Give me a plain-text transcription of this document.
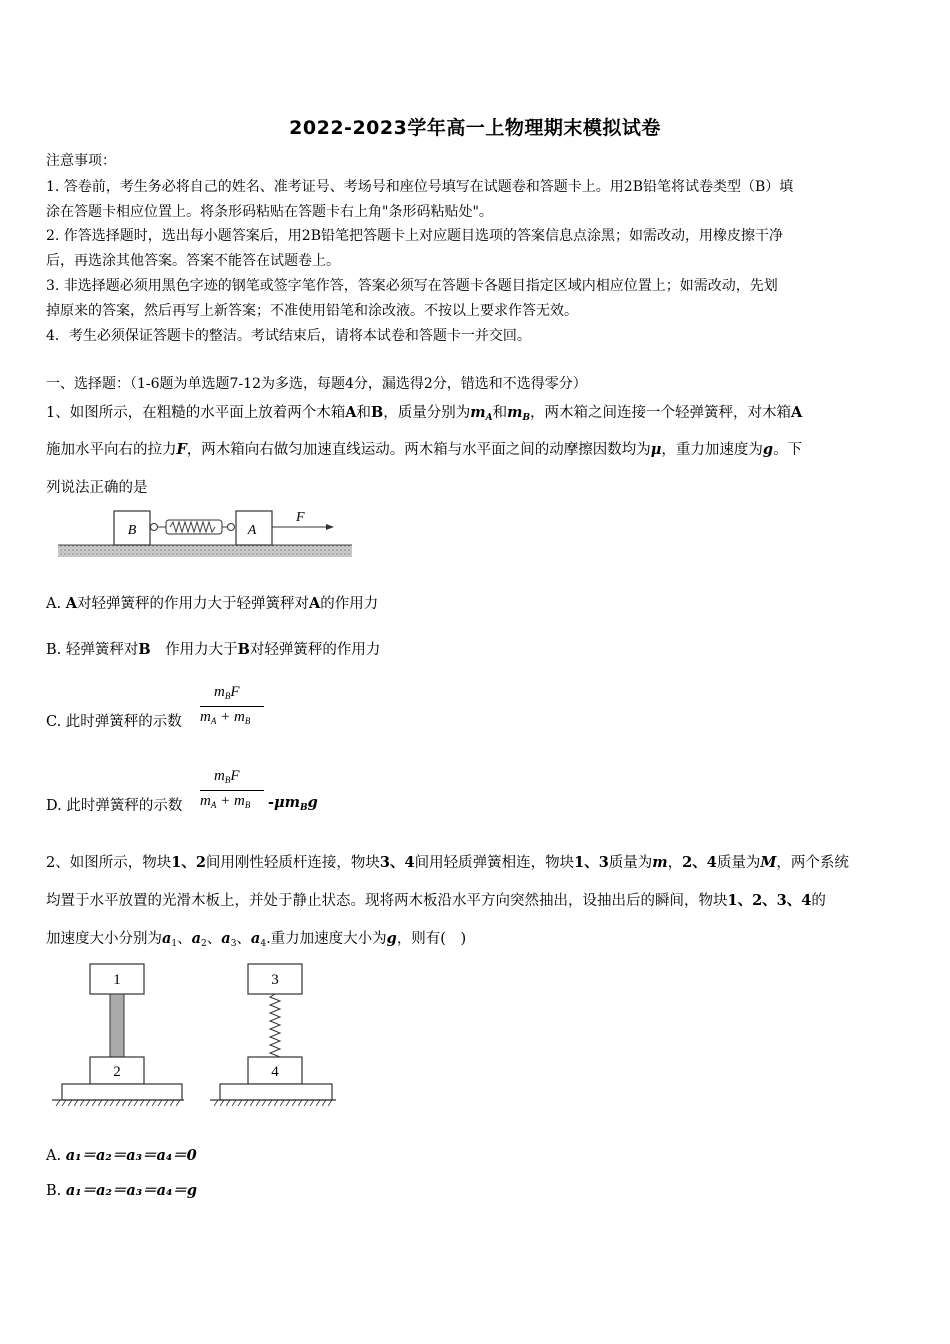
2022-2023学年高一上物理期末模拟试卷
注意事项：
1. 答卷前，考生务必将自己的姓名、准考证号、考场号和座位号填写在试题卷和答题卡上。用2B铅笔将试卷类型（B）填
涂在答题卡相应位置上。将条形码粘贴在答题卡右上角"条形码粘贴处"。
2. 作答选择题时，选出每小题答案后，用2B铅笔把答题卡上对应题目选项的答案信息点涂黑；如需改动，用橡皮擦干净
后，再选涂其他答案。答案不能答在试题卷上。
3. 非选择题必须用黑色字迹的钢笔或签字笔作答，答案必须写在答题卡各题目指定区域内相应位置上；如需改动，先划
掉原来的答案，然后再写上新答案；不准使用铅笔和涂改液。不按以上要求作答无效。
4．考生必须保证答题卡的整洁。考试结束后，请将本试卷和答题卡一并交回。
一、选择题：（1-6题为单选题7-12为多选，每题4分，漏选得2分，错选和不选得零分）
1、如图所示，在粗糙的水平面上放着两个木箱A和B，质量分别为$m_A$和$m_B$，两木箱之间连接一个轻弹簧秤，对木箱A
施加水平向右的拉力F，两木箱向右做匀加速直线运动。两木箱与水平面之间的动摩擦因数均为μ，重力加速度为g。下
列说法正确的是
B	A
F
A. A对轻弹簧秤的作用力大于轻弹簧秤对A的作用力
B. 轻弹簧秤对B　作用力大于B对轻弹簧秤的作用力
C. 此时弹簧秤的示数
$m_BF$
$m_A + m_B$
D. 此时弹簧秤的示数
$m_BF$
$m_A + m_B$ $-\mu m_Bg$
2、如图所示，物块1、2间用刚性轻质杆连接，物块3、4间用轻质弹簧相连，物块1、3质量为m，2、4质量为M，两个系统
均置于水平放置的光滑木板上，并处于静止状态。现将两木板沿水平方向突然抽出，设抽出后的瞬间，物块1、2、3、4的
加速度大小分别为$a_1$、$a_2$、$a_3$、$a_4$.重力加速度大小为g，则有(　)
1
2
3
4
A. a₁＝a₂＝a₃＝a₄＝0
B. a₁＝a₂＝a₃＝a₄＝g
